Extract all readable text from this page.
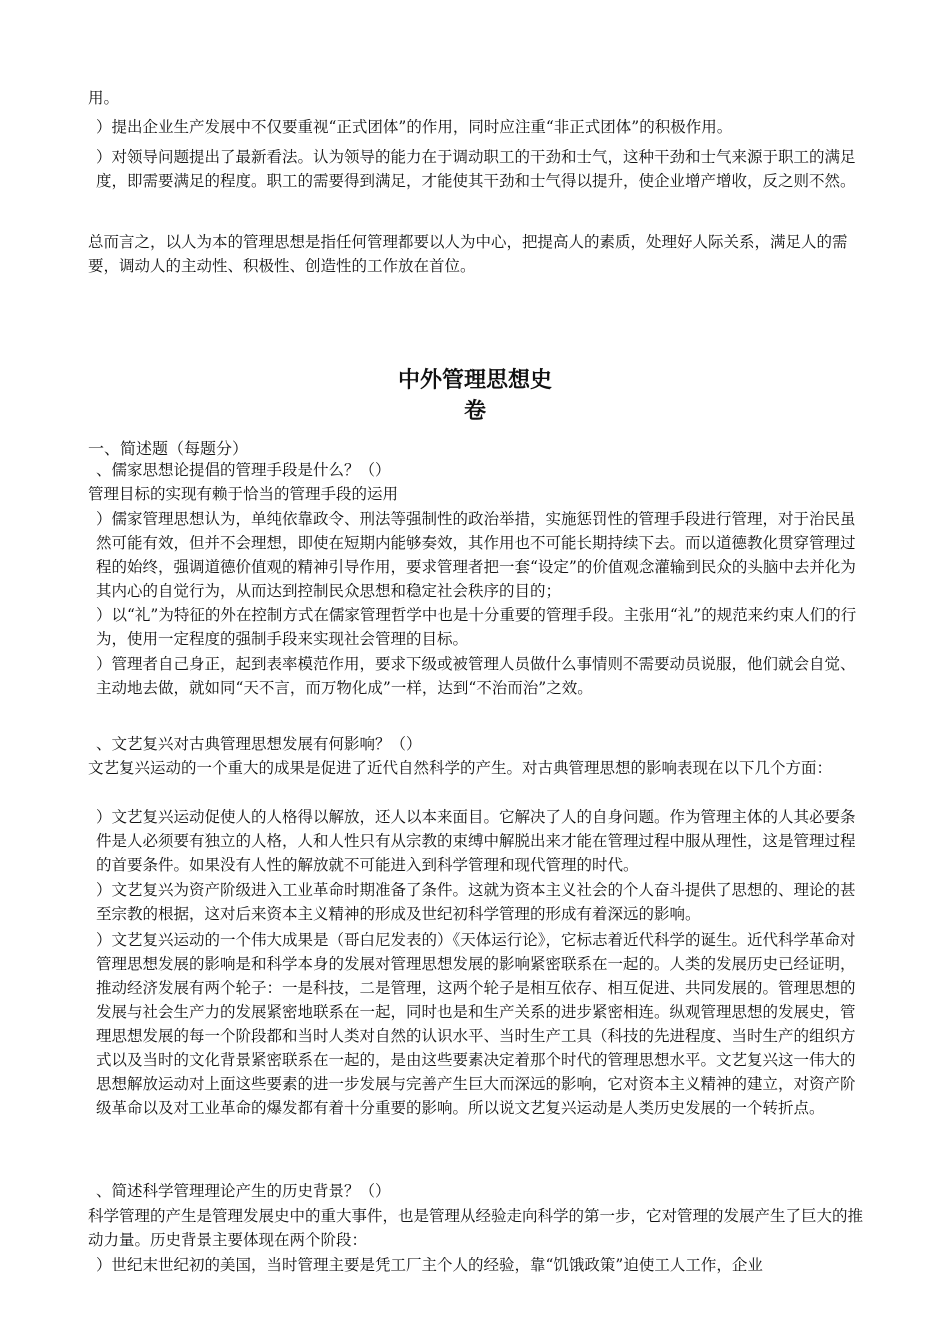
用。

）提出企业生产发展中不仅要重视“正式团体”的作用，同时应注重“非正式团体”的积极作用。

）对领导问题提出了最新看法。认为领导的能力在于调动职工的干劲和士气，这种干劲和士气来源于职工的满足度，即需要满足的程度。职工的需要得到满足，才能使其干劲和士气得以提升，使企业增产增收，反之则不然。

总而言之，以人为本的管理思想是指任何管理都要以人为中心，把提高人的素质，处理好人际关系，满足人的需要，调动人的主动性、积极性、创造性的工作放在首位。

中外管理思想史
卷

一、简述题（每题分）

、儒家思想论提倡的管理手段是什么？（）

管理目标的实现有赖于恰当的管理手段的运用

）儒家管理思想认为，单纯依靠政令、刑法等强制性的政治举措，实施惩罚性的管理手段进行管理，对于治民虽然可能有效，但并不会理想，即使在短期内能够奏效，其作用也不可能长期持续下去。而以道德教化贯穿管理过程的始终，强调道德价值观的精神引导作用，要求管理者把一套“设定”的价值观念灌输到民众的头脑中去并化为其内心的自觉行为，从而达到控制民众思想和稳定社会秩序的目的；

）以“礼”为特征的外在控制方式在儒家管理哲学中也是十分重要的管理手段。主张用“礼”的规范来约束人们的行为，使用一定程度的强制手段来实现社会管理的目标。

）管理者自己身正，起到表率模范作用，要求下级或被管理人员做什么事情则不需要动员说服，他们就会自觉、主动地去做，就如同“天不言，而万物化成”一样，达到“不治而治”之效。

、文艺复兴对古典管理思想发展有何影响？（）

文艺复兴运动的一个重大的成果是促进了近代自然科学的产生。对古典管理思想的影响表现在以下几个方面：

）文艺复兴运动促使人的人格得以解放，还人以本来面目。它解决了人的自身问题。作为管理主体的人其必要条件是人必须要有独立的人格，人和人性只有从宗教的束缚中解脱出来才能在管理过程中服从理性，这是管理过程的首要条件。如果没有人性的解放就不可能进入到科学管理和现代管理的时代。

）文艺复兴为资产阶级进入工业革命时期准备了条件。这就为资本主义社会的个人奋斗提供了思想的、理论的甚至宗教的根据，这对后来资本主义精神的形成及世纪初科学管理的形成有着深远的影响。

）文艺复兴运动的一个伟大成果是（哥白尼发表的）《天体运行论》，它标志着近代科学的诞生。近代科学革命对管理思想发展的影响是和科学本身的发展对管理思想发展的影响紧密联系在一起的。人类的发展历史已经证明，推动经济发展有两个轮子：一是科技，二是管理，这两个轮子是相互依存、相互促进、共同发展的。管理思想的发展与社会生产力的发展紧密地联系在一起，同时也是和生产关系的进步紧密相连。纵观管理思想的发展史，管理思想发展的每一个阶段都和当时人类对自然的认识水平、当时生产工具（科技的先进程度、当时生产的组织方式以及当时的文化背景紧密联系在一起的，是由这些要素决定着那个时代的管理思想水平。文艺复兴这一伟大的思想解放运动对上面这些要素的进一步发展与完善产生巨大而深远的影响，它对资本主义精神的建立，对资产阶级革命以及对工业革命的爆发都有着十分重要的影响。所以说文艺复兴运动是人类历史发展的一个转折点。

、简述科学管理理论产生的历史背景？（）

科学管理的产生是管理发展史中的重大事件，也是管理从经验走向科学的第一步，它对管理的发展产生了巨大的推动力量。历史背景主要体现在两个阶段：

）世纪末世纪初的美国，当时管理主要是凭工厂主个人的经验，靠“饥饿政策”迫使工人工作，企业
